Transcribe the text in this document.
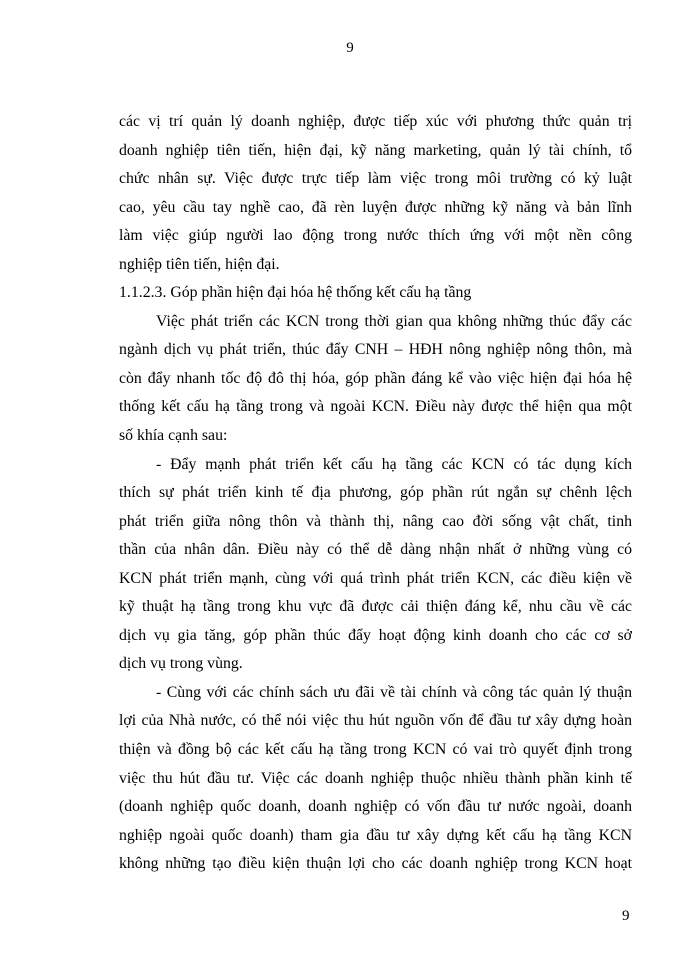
9
các vị trí quản lý doanh nghiệp, được tiếp xúc với phương thức quản trị
doanh nghiệp tiên tiến, hiện đại, kỹ năng marketing, quản lý tài chính, tổ
chức nhân sự. Việc được trực tiếp làm việc trong môi trường có kỷ luật
cao, yêu cầu tay nghề cao, đã rèn luyện được những kỹ năng và bản lĩnh
làm việc giúp người lao động trong nước thích ứng với một nền công
nghiệp tiên tiến, hiện đại.
1.1.2.3. Góp phần hiện đại hóa hệ thống kết cấu hạ tầng
Việc phát triển các KCN trong thời gian qua không những thúc đẩy các
ngành dịch vụ phát triển, thúc đẩy CNH – HĐH nông nghiệp nông thôn, mà
còn đẩy nhanh tốc độ đô thị hóa, góp phần đáng kể vào việc hiện đại hóa hệ
thống kết cấu hạ tầng trong và ngoài KCN. Điều này được thể hiện qua một
số khía cạnh sau:
- Đẩy mạnh phát triển kết cấu hạ tầng các KCN có tác dụng kích
thích sự phát triển kinh tế địa phương, góp phần rút ngắn sự chênh lệch
phát triển giữa nông thôn và thành thị, nâng cao đời sống vật chất, tinh
thần của nhân dân. Điều này có thể dễ dàng nhận nhất ở những vùng có
KCN phát triển mạnh, cùng với quá trình phát triển KCN, các điều kiện về
kỹ thuật hạ tầng trong khu vực đã được cải thiện đáng kể, nhu cầu về các
dịch vụ gia tăng, góp phần thúc đẩy hoạt động kinh doanh cho các cơ sở
dịch vụ trong vùng.
- Cùng với các chính sách ưu đãi về tài chính và công tác quản lý thuận
lợi của Nhà nước, có thể nói việc thu hút nguồn vốn để đầu tư xây dựng hoàn
thiện và đồng bộ các kết cấu hạ tầng trong KCN có vai trò quyết định trong
việc thu hút đầu tư. Việc các doanh nghiệp thuộc nhiều thành phần kinh tế
(doanh nghiệp quốc doanh, doanh nghiệp có vốn đầu tư nước ngoài, doanh
nghiệp ngoài quốc doanh) tham gia đầu tư xây dựng kết cấu hạ tầng KCN
không những tạo điều kiện thuận lợi cho các doanh nghiệp trong KCN hoạt
9
